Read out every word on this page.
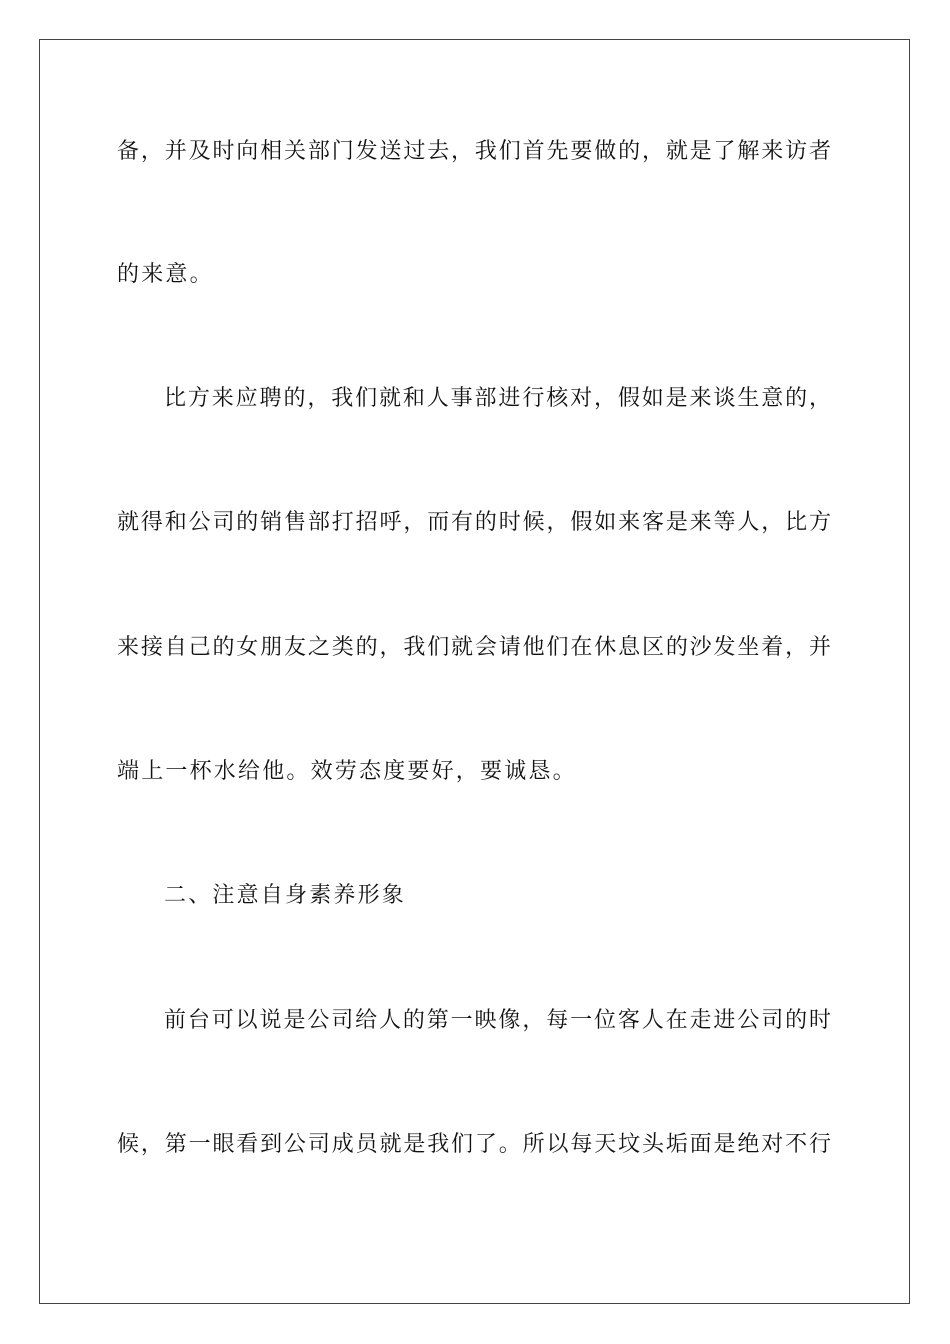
备，并及时向相关部门发送过去，我们首先要做的，就是了解来访者
的来意。
比方来应聘的，我们就和人事部进行核对，假如是来谈生意的，
就得和公司的销售部打招呼，而有的时候，假如来客是来等人，比方
来接自己的女朋友之类的，我们就会请他们在休息区的沙发坐着，并
端上一杯水给他。效劳态度要好，要诚恳。
二、注意自身素养形象
前台可以说是公司给人的第一映像，每一位客人在走进公司的时
候，第一眼看到公司成员就是我们了。所以每天坟头垢面是绝对不行
